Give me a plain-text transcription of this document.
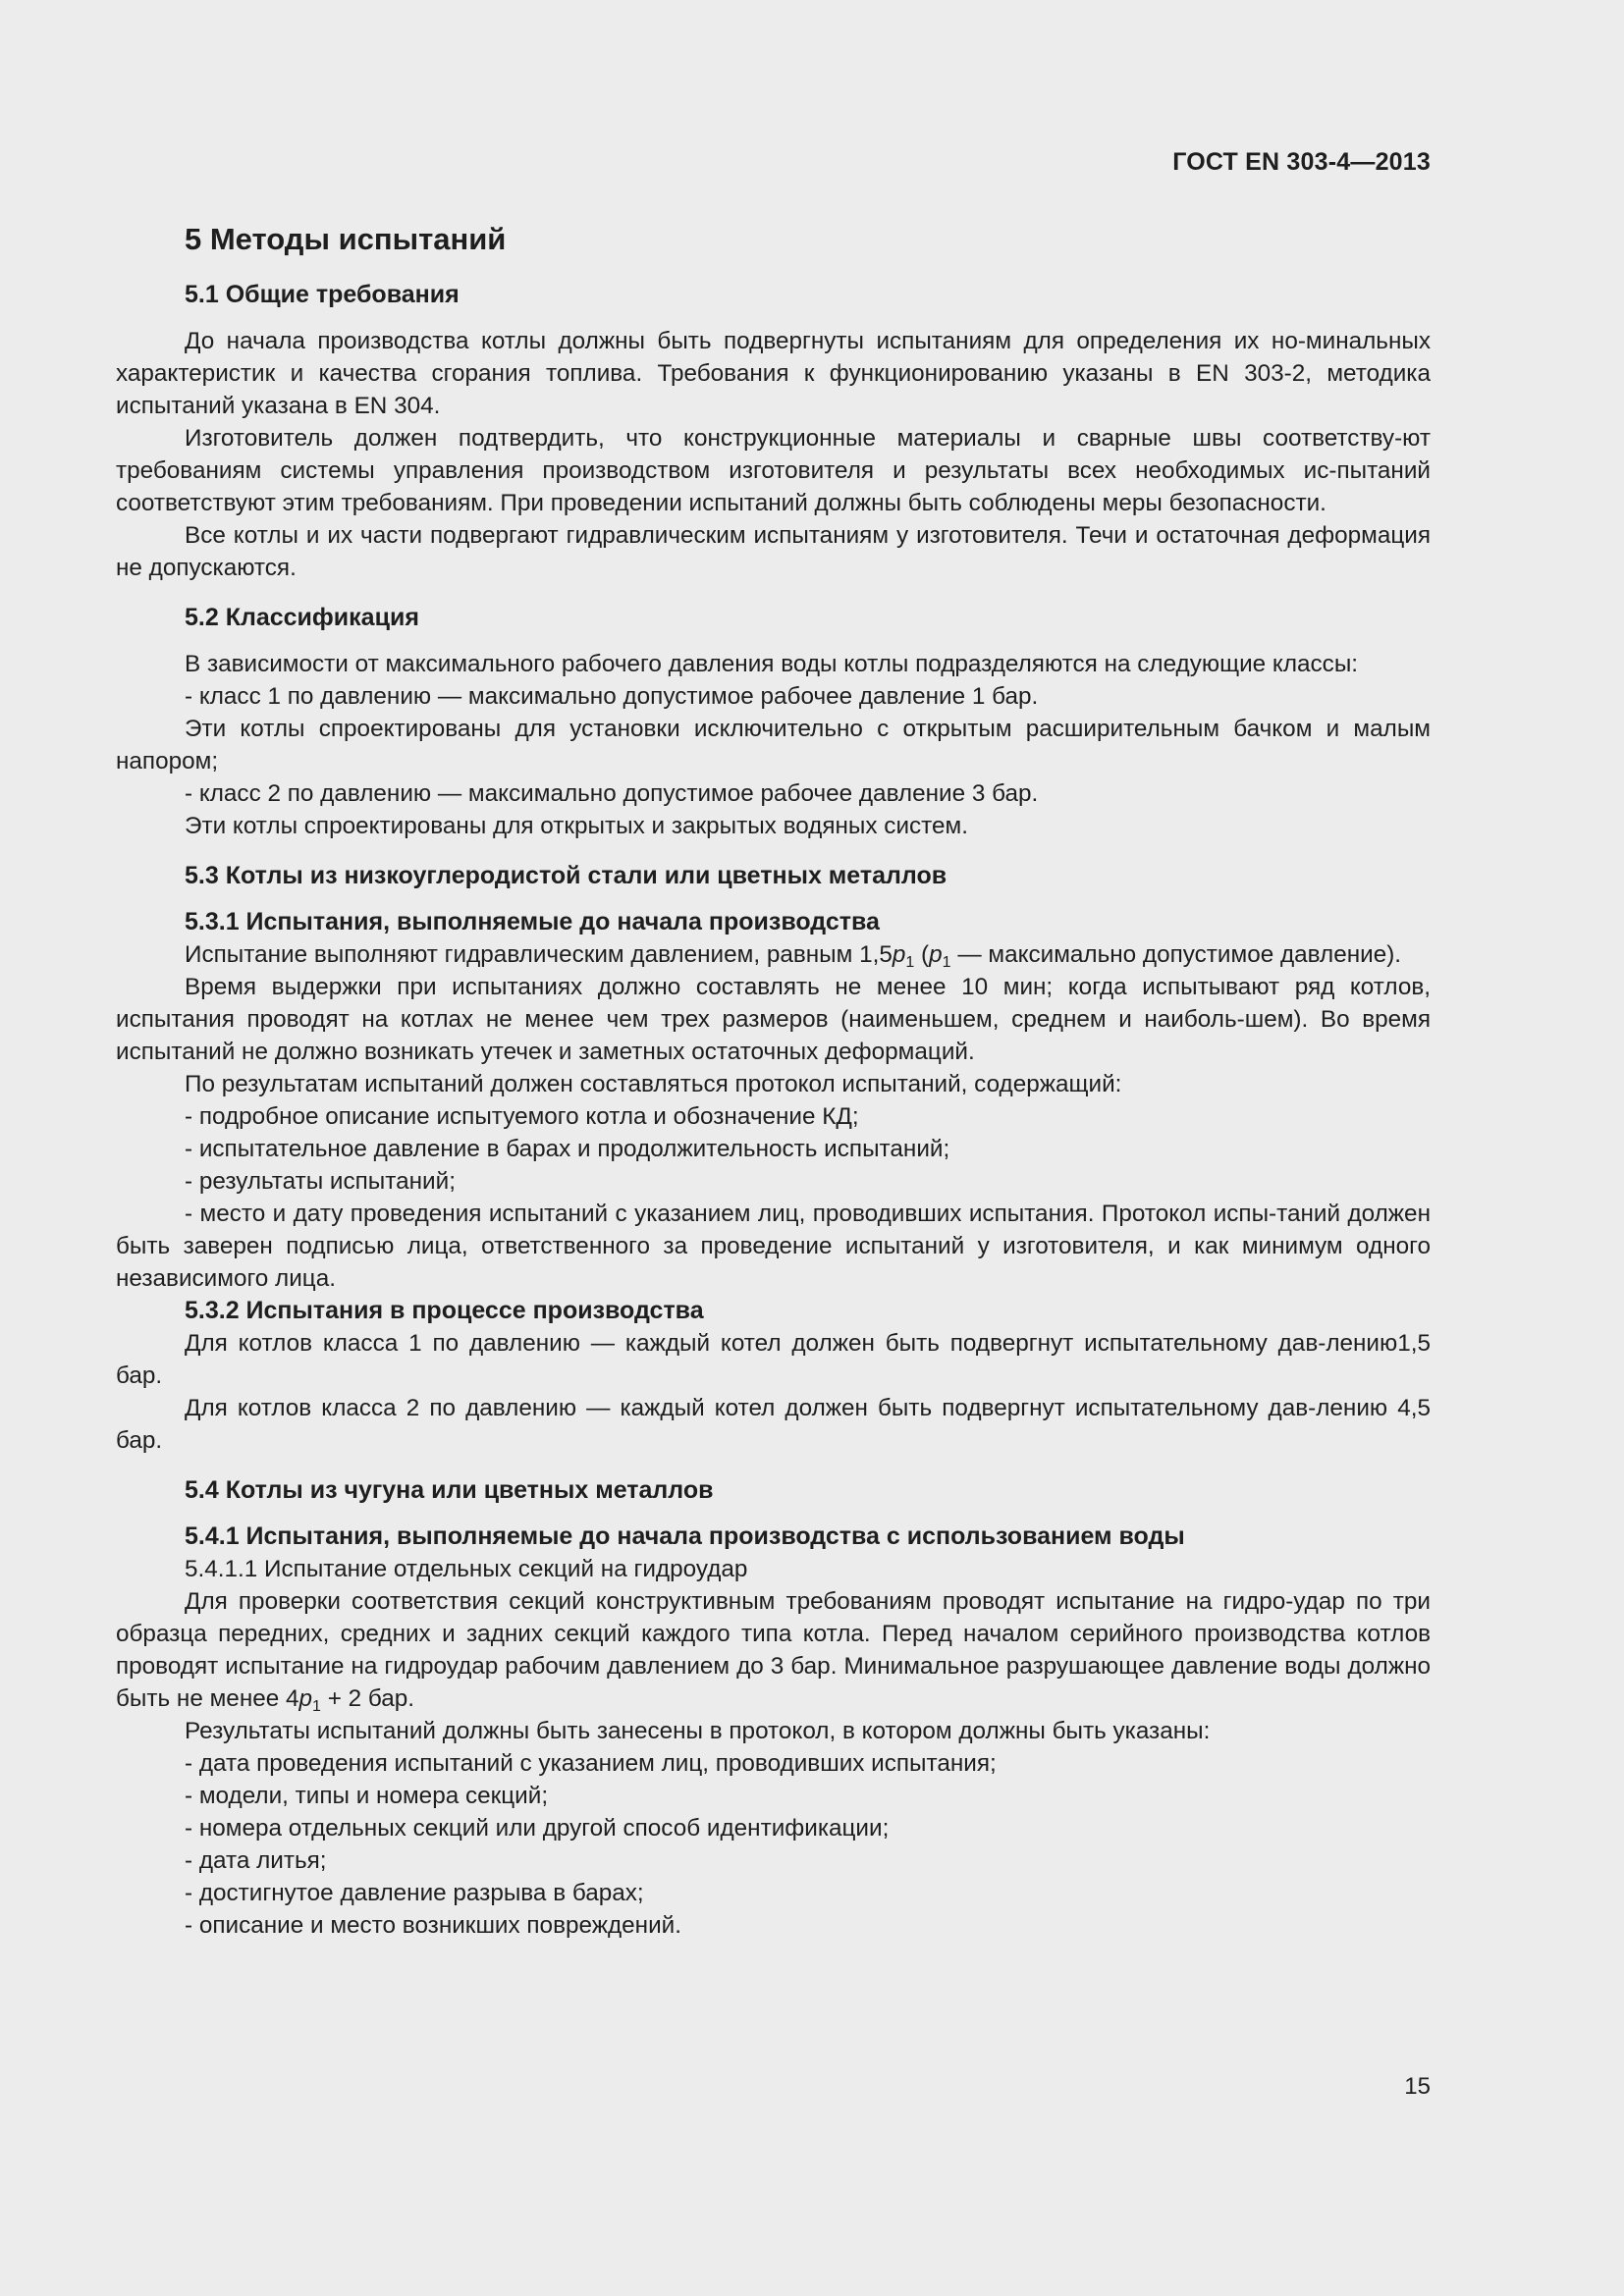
ГОСТ EN 303-4—2013
5 Методы испытаний
5.1 Общие требования

До начала производства котлы должны быть подвергнуты испытаниям для определения их но-минальных характеристик и качества сгорания топлива. Требования к функционированию указаны в EN 303-2, методика испытаний указана в EN 304.

Изготовитель должен подтвердить, что конструкционные материалы и сварные швы соответству-ют требованиям системы управления производством изготовителя и результаты всех необходимых ис-пытаний соответствуют этим требованиям. При проведении испытаний должны быть соблюдены меры безопасности.

Все котлы и их части подвергают гидравлическим испытаниям у изготовителя. Течи и остаточная деформация не допускаются.

5.2 Классификация

В зависимости от максимального рабочего давления воды котлы подразделяются на следующие классы:

- класс 1 по давлению — максимально допустимое рабочее давление 1 бар.

Эти котлы спроектированы для установки исключительно с открытым расширительным бачком и малым напором;

- класс 2 по давлению — максимально допустимое рабочее давление 3 бар.

Эти котлы спроектированы для открытых и закрытых водяных систем.

5.3 Котлы из низкоуглеродистой стали или цветных металлов
5.3.1 Испытания, выполняемые до начала производства

Испытание выполняют гидравлическим давлением, равным $1,5p_1$ ($p_1$ — максимально допустимое давление).

Время выдержки при испытаниях должно составлять не менее 10 мин; когда испытывают ряд котлов, испытания проводят на котлах не менее чем трех размеров (наименьшем, среднем и наиболь-шем). Во время испытаний не должно возникать утечек и заметных остаточных деформаций.

По результатам испытаний должен составляться протокол испытаний, содержащий:

- подробное описание испытуемого котла и обозначение КД;

- испытательное давление в барах и продолжительность испытаний;

- результаты испытаний;

- место и дату проведения испытаний с указанием лиц, проводивших испытания. Протокол испы-таний должен быть заверен подписью лица, ответственного за проведение испытаний у изготовителя, и как минимум одного независимого лица.

5.3.2 Испытания в процессе производства

Для котлов класса 1 по давлению — каждый котел должен быть подвергнут испытательному дав-лению1,5 бар.

Для котлов класса 2 по давлению — каждый котел должен быть подвергнут испытательному дав-лению 4,5 бар.

5.4 Котлы из чугуна или цветных металлов
5.4.1 Испытания, выполняемые до начала производства с использованием воды
5.4.1.1 Испытание отдельных секций на гидроудар

Для проверки соответствия секций конструктивным требованиям проводят испытание на гидро-удар по три образца передних, средних и задних секций каждого типа котла. Перед началом серийного производства котлов проводят испытание на гидроудар рабочим давлением до 3 бар. Минимальное разрушающее давление воды должно быть не менее $4p_1 + 2$ бар.

Результаты испытаний должны быть занесены в протокол, в котором должны быть указаны:

- дата проведения испытаний с указанием лиц, проводивших испытания;

- модели, типы и номера секций;

- номера отдельных секций или другой способ идентификации;

- дата литья;

- достигнутое давление разрыва в барах;

- описание и место возникших повреждений.

15
